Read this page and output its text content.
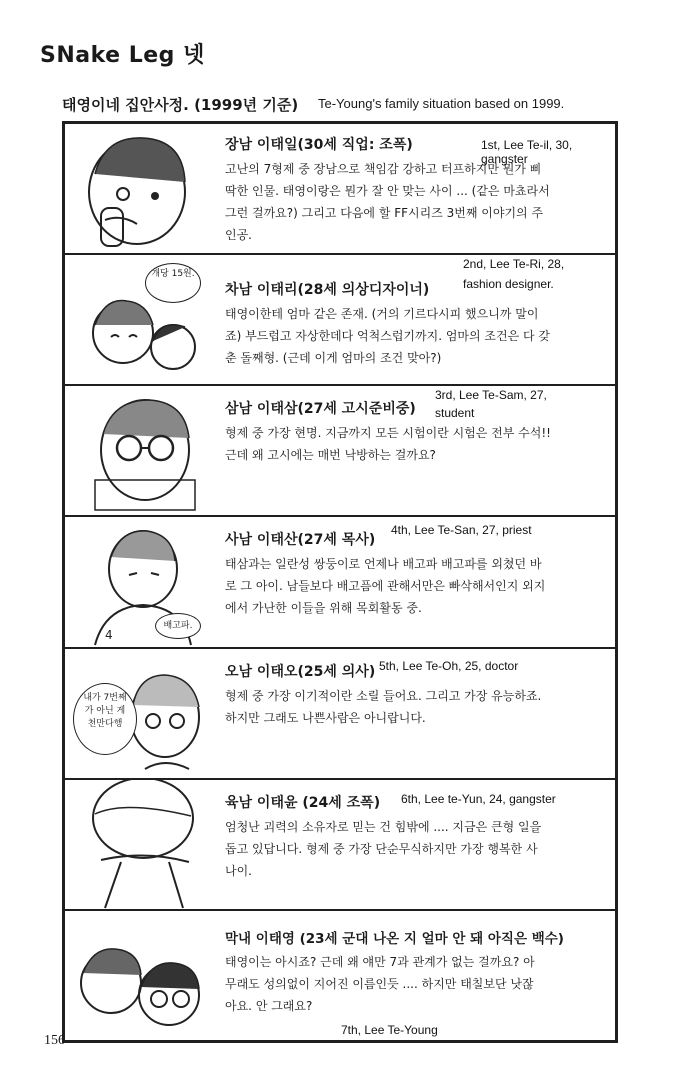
SNake Leg 넷
태영이네 집안사정. (1999년 기준) Te-Young's family situation based on 1999.
장남 이태일(30세 직업: 조폭)	1st, Lee Te-il, 30, gangster
고난의 7형제 중 장남으로 책임감 강하고 터프하지만 뭔가 삐
딱한 인물. 태영이랑은 뭔가 잘 안 맞는 사이 ... (같은 마쵸라서
그런 걸까요?) 그리고 다음에 할 FF시리즈 3번째 이야기의 주
인공.
개당 15원.
차남 이태리(28세 의상디자이너)
2nd, Lee Te-Ri, 28,
fashion designer.
태영이한테 엄마 같은 존재. (거의 기르다시피 했으니까 말이
죠) 부드럽고 자상한데다 억척스럽기까지. 엄마의 조건은 다 갖
춘 돌째형. (근데 이게 엄마의 조건 맞아?)
삼남 이태삼(27세 고시준비중)
3rd, Lee Te-Sam, 27,
student
형제 중 가장 현명. 지금까지 모든 시험이란 시험은 전부 수석!!
근데 왜 고시에는 매번 낙방하는 걸까요?
4
배고파.
사남 이태산(27세 목사)
4th, Lee Te-San, 27, priest
태삼과는 일란성 쌍둥이로 언제나 배고파 배고파를 외쳤던 바
로 그 아이. 남들보다 배고픔에 관해서만은 빠삭해서인지 외지
에서 가난한 이들을 위해 목회활동 중.
내가 7번째가 아닌 게 천만다행
오남 이태오(25세 의사) 5th, Lee Te-Oh, 25, doctor
형제 중 가장 이기적이란 소릴 들어요. 그리고 가장 유능하죠.
하지만 그래도 나쁜사람은 아니랍니다.
육남 이태윤 (24세 조폭) 6th, Lee te-Yun, 24, gangster
엄청난 괴력의 소유자로 믿는 건 힘밖에 .... 지금은 큰형 일을
돕고 있답니다. 형제 중 가장 단순무식하지만 가장 행복한 사
나이.
막내 이태영 (23세 군대 나온 지 얼마 안 돼 아직은 백수)
7th, Lee Te-Young
태영이는 아시죠? 근데 왜 얘만 7과 관계가 없는 걸까요? 아
무래도 성의없이 지어진 이름인듯 .... 하지만 태칠보단 낫잖
아요. 안 그래요?
156
